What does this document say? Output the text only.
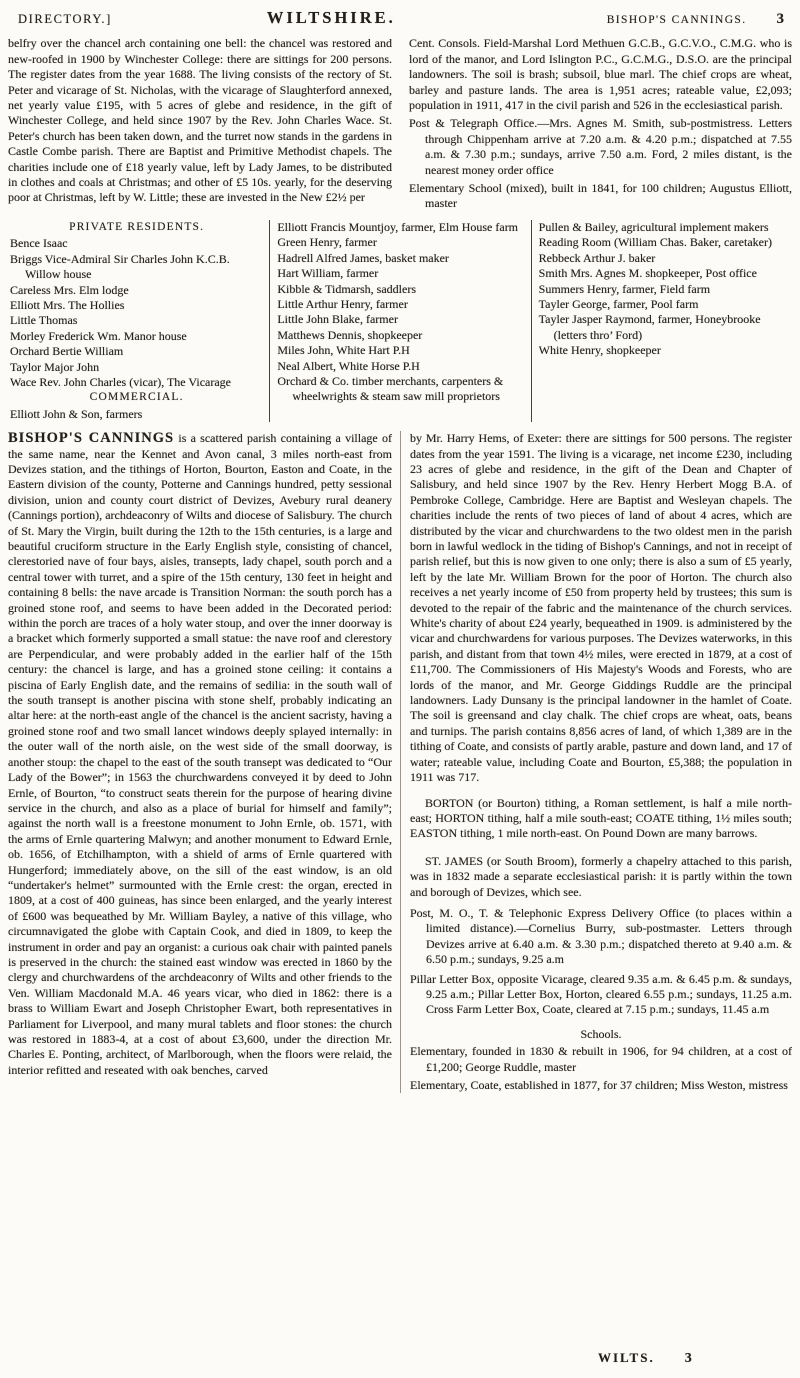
DIRECTORY.]	WILTSHIRE.	BISHOP'S CANNINGS. 3
belfry over the chancel arch containing one bell: the chancel was restored and new-roofed in 1900 by Winchester College: there are sittings for 200 persons. The register dates from the year 1688. The living consists of the rectory of St. Peter and vicarage of St. Nicholas, with the vicarage of Slaughterford annexed, net yearly value £195, with 5 acres of glebe and residence, in the gift of Winchester College, and held since 1907 by the Rev. John Charles Wace. St. Peter's church has been taken down, and the turret now stands in the gardens in Castle Combe parish. There are Baptist and Primitive Methodist chapels. The charities include one of £18 yearly value, left by Lady James, to be distributed in clothes and coals at Christmas; and other of £5 10s. yearly, for the deserving poor at Christmas, left by W. Little; these are invested in the New £2½ per
Cent. Consols. Field-Marshal Lord Methuen G.C.B., G.C.V.O., C.M.G. who is lord of the manor, and Lord Islington P.C., G.C.M.G., D.S.O. are the principal landowners. The soil is brash; subsoil, blue marl. The chief crops are wheat, barley and pasture lands. The area is 1,951 acres; rateable value, £2,093; population in 1911, 417 in the civil parish and 526 in the ecclesiastical parish.
Post & Telegraph Office.—Mrs. Agnes M. Smith, sub-postmistress. Letters through Chippenham arrive at 7.20 a.m. & 4.20 p.m.; dispatched at 7.55 a.m. & 7.30 p.m.; sundays, arrive 7.50 a.m. Ford, 2 miles distant, is the nearest money order office
Elementary School (mixed), built in 1841, for 100 children; Augustus Elliott, master
PRIVATE RESIDENTS.
Bence Isaac
Briggs Vice-Admiral Sir Charles John K.C.B. Willow house
Careless Mrs. Elm lodge
Elliott Mrs. The Hollies
Little Thomas
Morley Frederick Wm. Manor house
Orchard Bertie William
Taylor Major John
Wace Rev. John Charles (vicar), The Vicarage
COMMERCIAL.
Elliott John & Son, farmers
Elliott Francis Mountjoy, farmer, Elm House farm
Green Henry, farmer
Hadrell Alfred James, basket maker
Hart William, farmer
Kibble & Tidmarsh, saddlers
Little Arthur Henry, farmer
Little John Blake, farmer
Matthews Dennis, shopkeeper
Miles John, White Hart P.H
Neal Albert, White Horse P.H
Orchard & Co. timber merchants, carpenters & wheelwrights & steam saw mill proprietors
Pullen & Bailey, agricultural implement makers
Reading Room (William Chas. Baker, caretaker)
Rebbeck Arthur J. baker
Smith Mrs. Agnes M. shopkeeper, Post office
Summers Henry, farmer, Field farm
Tayler George, farmer, Pool farm
Tayler Jasper Raymond, farmer, Honeybrooke (letters thro’ Ford)
White Henry, shopkeeper
BISHOP'S CANNINGS is a scattered parish containing a village of the same name, near the Kennet and Avon canal, 3 miles north-east from Devizes station, and the tithings of Horton, Bourton, Easton and Coate, in the Eastern division of the county, Potterne and Cannings hundred, petty sessional division, union and county court district of Devizes, Avebury rural deanery (Cannings portion), archdeaconry of Wilts and diocese of Salisbury. The church of St. Mary the Virgin, built during the 12th to the 15th centuries, is a large and beautiful cruciform structure in the Early English style, consisting of chancel, clerestoried nave of four bays, aisles, transepts, lady chapel, south porch and a central tower with turret, and a spire of the 15th century, 130 feet in height and containing 8 bells: the nave arcade is Transition Norman: the south porch has a groined stone roof, and seems to have been added in the Decorated period: within the porch are traces of a holy water stoup, and over the inner doorway is a bracket which formerly supported a small statue: the nave roof and clerestory are Perpendicular, and were probably added in the earlier half of the 15th century: the chancel is large, and has a groined stone ceiling: it contains a piscina of Early English date, and the remains of sedilia: in the south wall of the south transept is another piscina with stone shelf, probably indicating an altar here: at the north-east angle of the chancel is the ancient sacristy, having a groined stone roof and two small lancet windows deeply splayed internally: in the outer wall of the north aisle, on the west side of the small doorway, is another stoup: the chapel to the east of the south transept was dedicated to “Our Lady of the Bower”; in 1563 the churchwardens conveyed it by deed to John Ernle, of Bourton, “to construct seats therein for the purpose of hearing divine service in the church, and also as a place of burial for himself and family”; against the north wall is a freestone monument to John Ernle, ob. 1571, with the arms of Ernle quartering Malwyn; and another monument to Edward Ernle, ob. 1656, of Etchilhampton, with a shield of arms of Ernle quartered with Hungerford; immediately above, on the sill of the east window, is an old “undertaker's helmet” surmounted with the Ernle crest: the organ, erected in 1809, at a cost of 400 guineas, has since been enlarged, and the yearly interest of £600 was bequeathed by Mr. William Bayley, a native of this village, who circumnavigated the globe with Captain Cook, and died in 1809, to keep the instrument in order and pay an organist: a curious oak chair with painted panels is preserved in the church: the stained east window was erected in 1860 by the clergy and churchwardens of the archdeaconry of Wilts and other friends to the Ven. William Macdonald M.A. 46 years vicar, who died in 1862: there is a brass to William Ewart and Joseph Christopher Ewart, both representatives in Parliament for Liverpool, and many mural tablets and floor stones: the church was restored in 1883-4, at a cost of about £3,600, under the direction Mr. Charles E. Ponting, architect, of Marlborough, when the floors were relaid, the interior refitted and reseated with oak benches, carved
by Mr. Harry Hems, of Exeter: there are sittings for 500 persons. The register dates from the year 1591. The living is a vicarage, net income £230, including 23 acres of glebe and residence, in the gift of the Dean and Chapter of Salisbury, and held since 1907 by the Rev. Henry Herbert Mogg B.A. of Pembroke College, Cambridge. Here are Baptist and Wesleyan chapels. The charities include the rents of two pieces of land of about 4 acres, which are distributed by the vicar and churchwardens to the two oldest men in the parish born in lawful wedlock in the tiding of Bishop's Cannings, and not in receipt of parish relief, but this is now given to one only; there is also a sum of £5 yearly, left by the late Mr. William Brown for the poor of Horton. The church also receives a net yearly income of £50 from property held by trustees; this sum is devoted to the repair of the fabric and the maintenance of the church services. White's charity of about £24 yearly, bequeathed in 1909. is administered by the vicar and churchwardens for various purposes. The Devizes waterworks, in this parish, and distant from that town 4½ miles, were erected in 1879, at a cost of £11,700. The Commissioners of His Majesty's Woods and Forests, who are lords of the manor, and Mr. George Giddings Ruddle are the principal landowners. Lady Dunsany is the principal landowner in the hamlet of Coate. The soil is greensand and clay chalk. The chief crops are wheat, oats, beans and turnips. The parish contains 8,856 acres of land, of which 1,389 are in the tithing of Coate, and consists of partly arable, pasture and down land, and 17 of water; rateable value, including Coate and Bourton, £5,388; the population in 1911 was 717.
BORTON (or Bourton) tithing, a Roman settlement, is half a mile north-east; HORTON tithing, half a mile south-east; COATE tithing, 1½ miles south; EASTON tithing, 1 mile north-east. On Pound Down are many barrows.
ST. JAMES (or South Broom), formerly a chapelry attached to this parish, was in 1832 made a separate ecclesiastical parish: it is partly within the town and borough of Devizes, which see.
Post, M. O., T. & Telephonic Express Delivery Office (to places within a limited distance).—Cornelius Burry, sub-postmaster. Letters through Devizes arrive at 6.40 a.m. & 3.30 p.m.; dispatched thereto at 9.40 a.m. & 6.50 p.m.; sundays, 9.25 a.m
Pillar Letter Box, opposite Vicarage, cleared 9.35 a.m. & 6.45 p.m. & sundays, 9.25 a.m.; Pillar Letter Box, Horton, cleared 6.55 p.m.; sundays, 11.25 a.m. Cross Farm Letter Box, Coate, cleared at 7.15 p.m.; sundays, 11.45 a.m
Schools.
Elementary, founded in 1830 & rebuilt in 1906, for 94 children, at a cost of £1,200; George Ruddle, master
Elementary, Coate, established in 1877, for 37 children; Miss Weston, mistress
WILTS. 3
